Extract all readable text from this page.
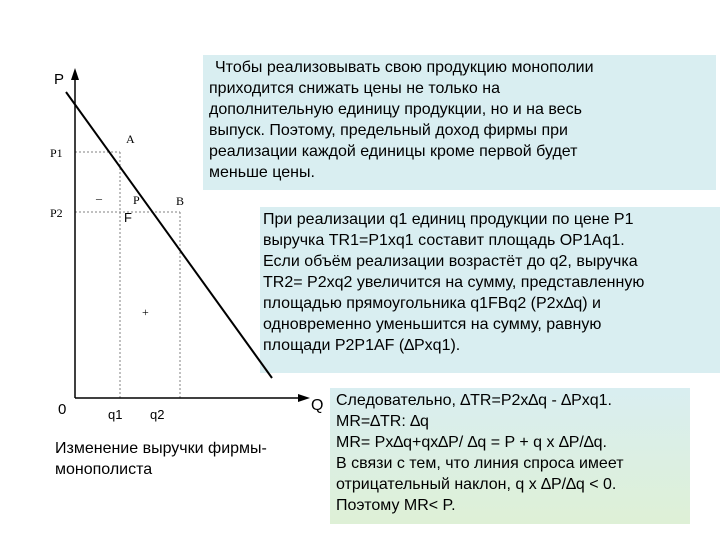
P
Q
0
P1
P2
q1 q2
A
B
P
F
–
+
Изменение выручки фирмы-
монополиста
Чтобы реализовывать свою продукцию монополии
приходится снижать цены не только на
дополнительную единицу продукции, но и на весь
выпуск. Поэтому, предельный доход фирмы при
реализации каждой единицы кроме первой будет
меньше цены.
При реализации q1 единиц продукции по цене P1
выручка TR1=P1xq1 составит площадь OP1Aq1.
Если объём реализации возрастёт до q2, выручка
TR2= P2xq2 увеличится на сумму, представленную
площадью прямоугольника q1FBq2 (P2x∆q) и
одновременно уменьшится на сумму, равную
площади P2P1AF (∆Pxq1).
Следовательно, ∆TR=P2x∆q - ∆Pxq1.
MR=∆TR: ∆q
MR= Px∆q+qx∆P/ ∆q = P + q x ∆P/∆q.
В связи с тем, что линия спроса имеет
отрицательный наклон, q x ∆P/∆q < 0.
Поэтому MR< P.
